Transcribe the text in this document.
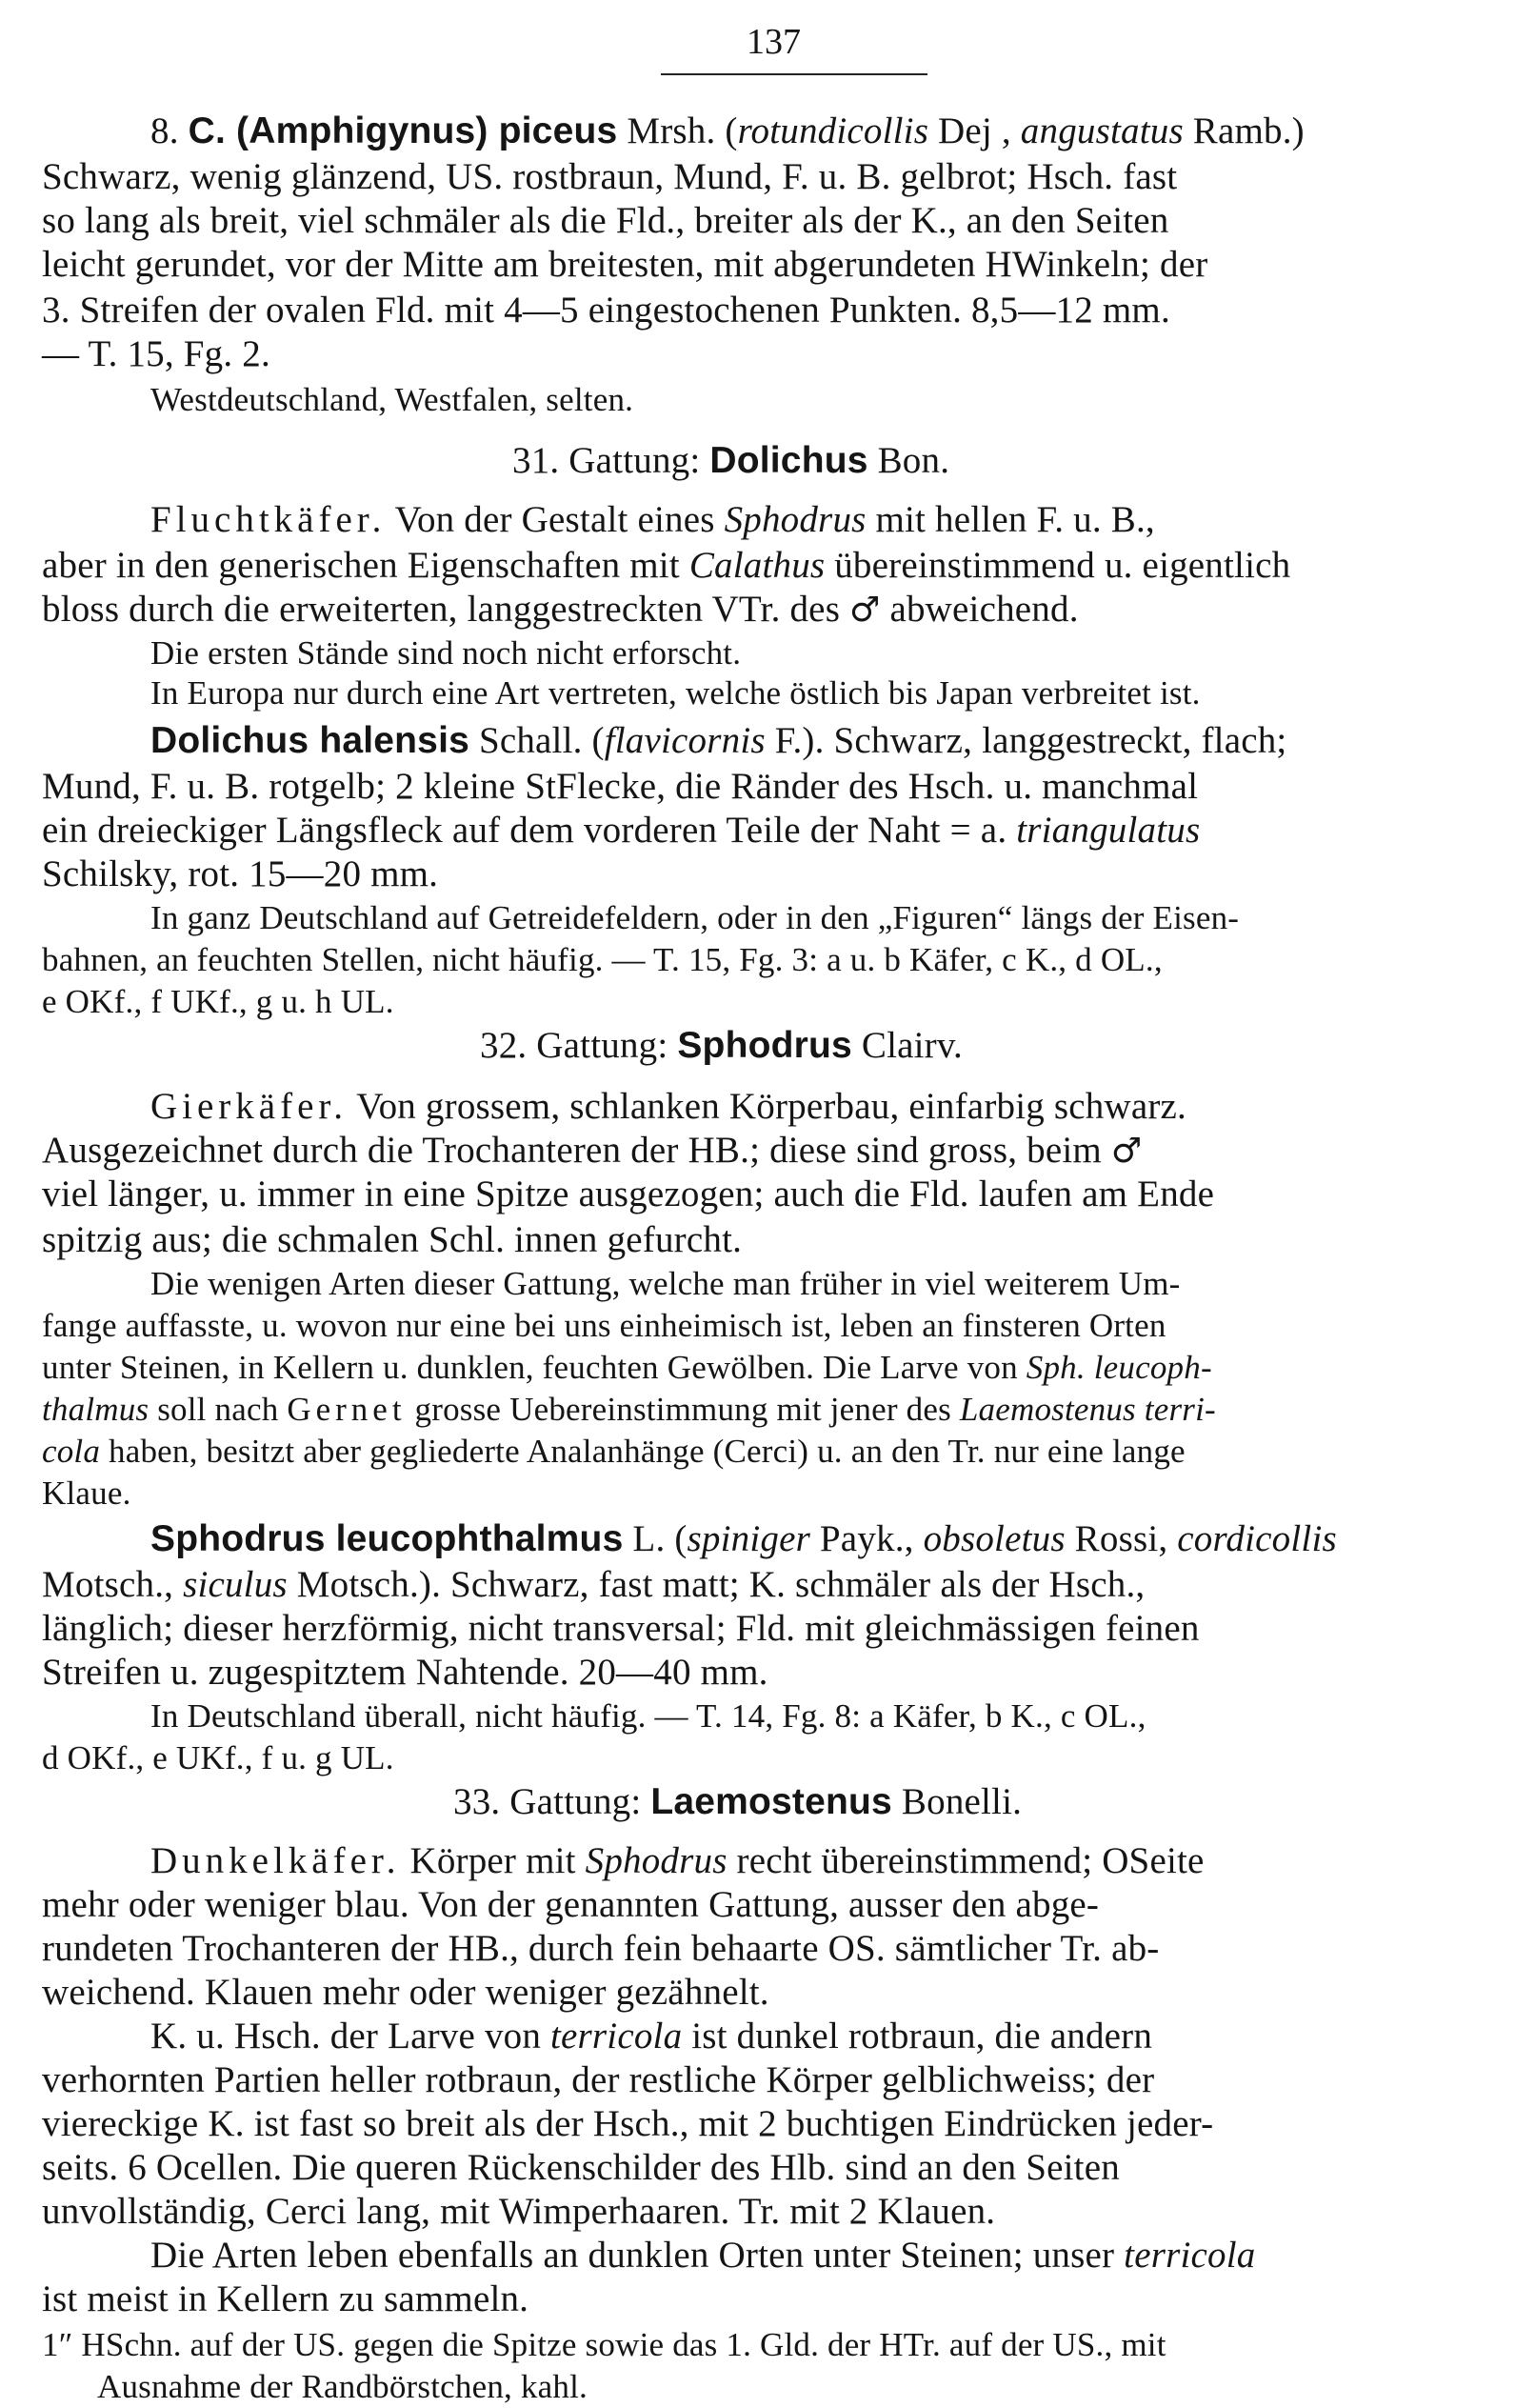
137
8. C. (Amphigynus) piceus Mrsh. (rotundicollis Dej , angustatus Ramb.)
Schwarz, wenig glänzend, US. rostbraun, Mund, F. u. B. gelbrot; Hsch. fast
so lang als breit, viel schmäler als die Fld., breiter als der K., an den Seiten
leicht gerundet, vor der Mitte am breitesten, mit abgerundeten HWinkeln; der
3. Streifen der ovalen Fld. mit 4—5 eingestochenen Punkten. 8,5—12 mm.
— T. 15, Fg. 2.
Westdeutschland, Westfalen, selten.
31. Gattung: Dolichus Bon.
Fluchtkäfer. Von der Gestalt eines Sphodrus mit hellen F. u. B.,
aber in den generischen Eigenschaften mit Calathus übereinstimmend u. eigentlich
bloss durch die erweiterten, langgestreckten VTr. des ♂ abweichend.
Die ersten Stände sind noch nicht erforscht.
In Europa nur durch eine Art vertreten, welche östlich bis Japan verbreitet ist.
Dolichus halensis Schall. (flavicornis F.). Schwarz, langgestreckt, flach;
Mund, F. u. B. rotgelb; 2 kleine StFlecke, die Ränder des Hsch. u. manchmal
ein dreieckiger Längsfleck auf dem vorderen Teile der Naht = a. triangulatus
Schilsky, rot. 15—20 mm.
In ganz Deutschland auf Getreidefeldern, oder in den „Figuren“ längs der Eisen-
bahnen, an feuchten Stellen, nicht häufig. — T. 15, Fg. 3: a u. b Käfer, c K., d OL.,
e OKf., f UKf., g u. h UL.
32. Gattung: Sphodrus Clairv.
Gierkäfer. Von grossem, schlanken Körperbau, einfarbig schwarz.
Ausgezeichnet durch die Trochanteren der HB.; diese sind gross, beim ♂
viel länger, u. immer in eine Spitze ausgezogen; auch die Fld. laufen am Ende
spitzig aus; die schmalen Schl. innen gefurcht.
Die wenigen Arten dieser Gattung, welche man früher in viel weiterem Um-
fange auffasste, u. wovon nur eine bei uns einheimisch ist, leben an finsteren Orten
unter Steinen, in Kellern u. dunklen, feuchten Gewölben. Die Larve von Sph. leucoph-
thalmus soll nach Gernet grosse Uebereinstimmung mit jener des Laemostenus terri-
cola haben, besitzt aber gegliederte Analanhänge (Cerci) u. an den Tr. nur eine lange
Klaue.
Sphodrus leucophthalmus L. (spiniger Payk., obsoletus Rossi, cordicollis
Motsch., siculus Motsch.). Schwarz, fast matt; K. schmäler als der Hsch.,
länglich; dieser herzförmig, nicht transversal; Fld. mit gleichmässigen feinen
Streifen u. zugespitztem Nahtende. 20—40 mm.
In Deutschland überall, nicht häufig. — T. 14, Fg. 8: a Käfer, b K., c OL.,
d OKf., e UKf., f u. g UL.
33. Gattung: Laemostenus Bonelli.
Dunkelkäfer. Körper mit Sphodrus recht übereinstimmend; OSeite
mehr oder weniger blau. Von der genannten Gattung, ausser den abge-
rundeten Trochanteren der HB., durch fein behaarte OS. sämtlicher Tr. ab-
weichend. Klauen mehr oder weniger gezähnelt.
K. u. Hsch. der Larve von terricola ist dunkel rotbraun, die andern
verhornten Partien heller rotbraun, der restliche Körper gelblichweiss; der
viereckige K. ist fast so breit als der Hsch., mit 2 buchtigen Eindrücken jeder-
seits. 6 Ocellen. Die queren Rückenschilder des Hlb. sind an den Seiten
unvollständig, Cerci lang, mit Wimperhaaren. Tr. mit 2 Klauen.
Die Arten leben ebenfalls an dunklen Orten unter Steinen; unser terricola
ist meist in Kellern zu sammeln.
1″ HSchn. auf der US. gegen die Spitze sowie das 1. Gld. der HTr. auf der US., mit
Ausnahme der Randbörstchen, kahl.
